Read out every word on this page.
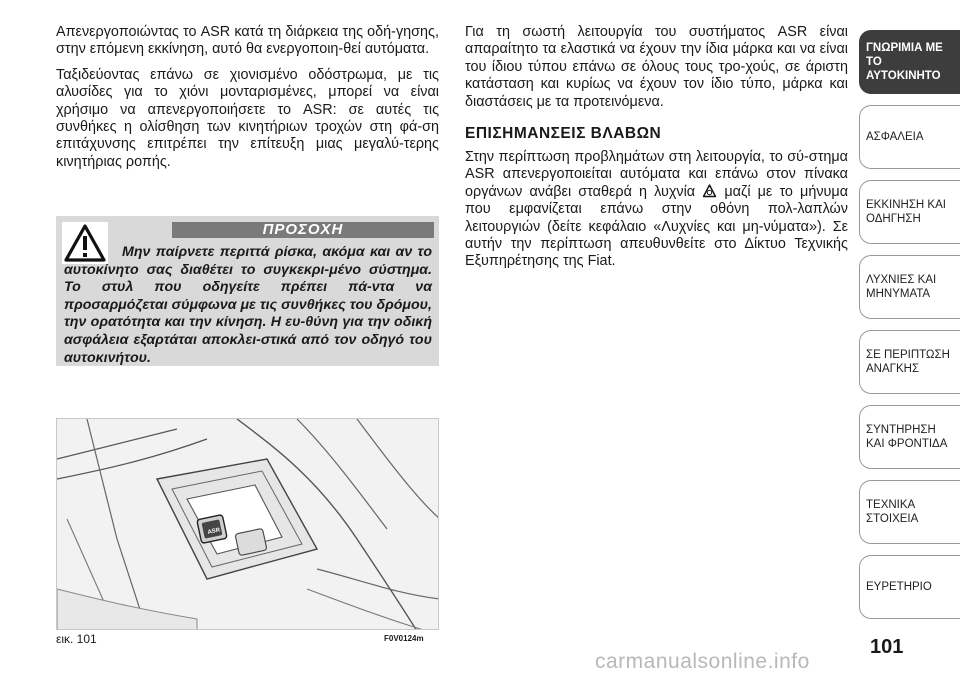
Απενεργοποιώντας το ASR κατά τη διάρκεια της οδή-γησης, στην επόμενη εκκίνηση, αυτό θα ενεργοποιη-θεί αυτόματα.

Ταξιδεύοντας επάνω σε χιονισμένο οδόστρωμα, με τις αλυσίδες για το χιόνι μονταρισμένες, μπορεί να είναι χρήσιμο να απενεργοποιήσετε το ASR: σε αυτές τις συνθήκες η ολίσθηση των κινητήριων τροχών στη φά-ση επιτάχυνσης επιτρέπει την επίτευξη μιας μεγαλύ-τερης κινητήριας ροπής.

ΠΡΟΣΟΧΗ

Μην παίρνετε περιττά ρίσκα, ακόμα και αν το αυτοκίνητο σας διαθέτει το συγκεκρι-μένο σύστημα. Το στυλ που οδηγείτε πρέπει πά-ντα να προσαρμόζεται σύμφωνα με τις συνθήκες του δρόμου, την ορατότητα και την κίνηση. Η ευ-θύνη για την οδική ασφάλεια εξαρτάται αποκλει-στικά από τον οδηγό του αυτοκινήτου.

ASR
εικ. 101	F0V0124m

Για τη σωστή λειτουργία του συστήματος ASR είναι απαραίτητο τα ελαστικά να έχουν την ίδια μάρκα και να είναι του ίδιου τύπου επάνω σε όλους τους τρο-χούς, σε άριστη κατάσταση και κυρίως να έχουν τον ίδιο τύπο, μάρκα και διαστάσεις με τα προτεινόμενα.

ΕΠΙΣΗΜΑΝΣΕΙΣ ΒΛΑΒΩΝ

Στην περίπτωση προβλημάτων στη λειτουργία, το σύ-στημα ASR απενεργοποιείται αυτόματα και επάνω στον πίνακα οργάνων ανάβει σταθερά η λυχνία μαζί με το μήνυμα που εμφανίζεται επάνω στην οθόνη πολ-λαπλών λειτουργιών (δείτε κεφάλαιο «Λυχνίες και μη-νύματα»). Σε αυτήν την περίπτωση απευθυνθείτε στο Δίκτυο Τεχνικής Εξυπηρέτησης της Fiat.

ΓΝΩΡΙΜΙΑ ΜΕ ΤΟ ΑΥΤΟΚΙΝΗΤΟ
ΑΣΦΑΛΕΙΑ
ΕΚΚΙΝΗΣΗ ΚΑΙ ΟΔΗΓΗΣΗ
ΛΥΧΝΙΕΣ ΚΑΙ ΜΗΝΥΜΑΤΑ
ΣΕ ΠΕΡΙΠΤΩΣΗ ΑΝΑΓΚΗΣ
ΣΥΝΤΗΡΗΣΗ ΚΑΙ ΦΡΟΝΤΙΔΑ
ΤΕΧΝΙΚΑ ΣΤΟΙΧΕΙΑ
ΕΥΡΕΤΗΡΙΟ
101
carmanualsonline.info
